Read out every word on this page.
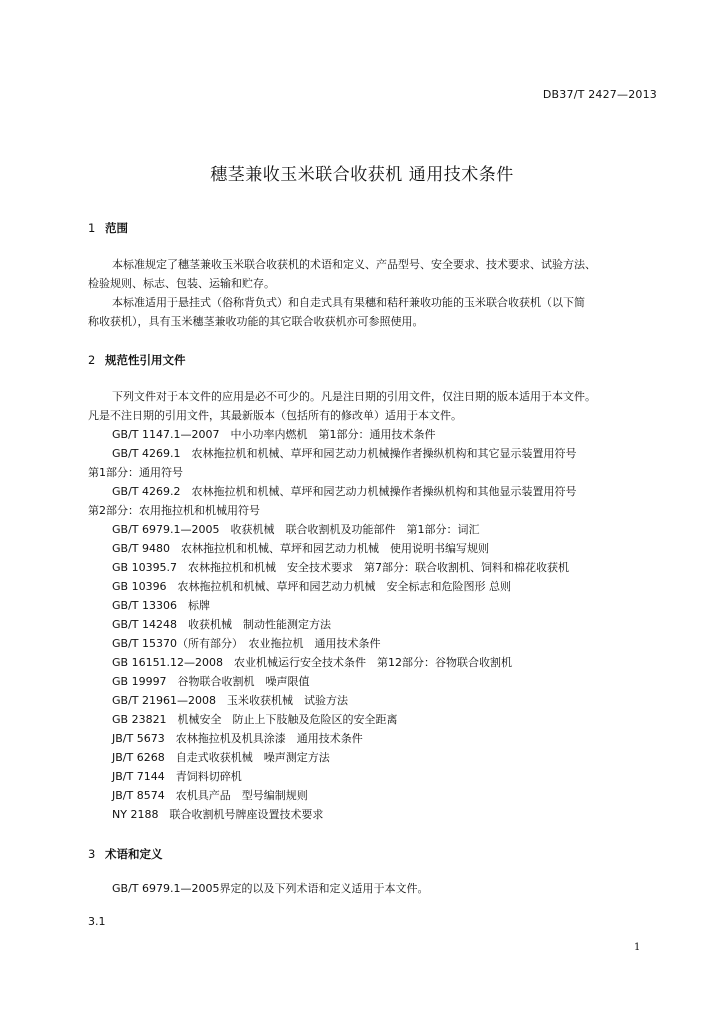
DB37/T 2427—2013
穗茎兼收玉米联合收获机 通用技术条件
1 范围
本标准规定了穗茎兼收玉米联合收获机的术语和定义、产品型号、安全要求、技术要求、试验方法、
检验规则、标志、包装、运输和贮存。
本标准适用于悬挂式（俗称背负式）和自走式具有果穗和秸秆兼收功能的玉米联合收获机（以下简
称收获机），具有玉米穗茎兼收功能的其它联合收获机亦可参照使用。
2 规范性引用文件
下列文件对于本文件的应用是必不可少的。凡是注日期的引用文件，仅注日期的版本适用于本文件。
凡是不注日期的引用文件，其最新版本（包括所有的修改单）适用于本文件。
GB/T 1147.1—2007　中小功率内燃机　第1部分：通用技术条件
GB/T 4269.1　农林拖拉机和机械、草坪和园艺动力机械操作者操纵机构和其它显示装置用符号
第1部分：通用符号
GB/T 4269.2　农林拖拉机和机械、草坪和园艺动力机械操作者操纵机构和其他显示装置用符号
第2部分：农用拖拉机和机械用符号
GB/T 6979.1—2005　收获机械　联合收割机及功能部件　第1部分：词汇
GB/T 9480　农林拖拉机和机械、草坪和园艺动力机械　使用说明书编写规则
GB 10395.7　农林拖拉机和机械　安全技术要求　第7部分：联合收割机、饲料和棉花收获机
GB 10396　农林拖拉机和机械、草坪和园艺动力机械　安全标志和危险图形 总则
GB/T 13306　标牌
GB/T 14248　收获机械　制动性能测定方法
GB/T 15370（所有部分）　农业拖拉机　通用技术条件
GB 16151.12—2008　农业机械运行安全技术条件　第12部分：谷物联合收割机
GB 19997　谷物联合收割机　噪声限值
GB/T 21961—2008　玉米收获机械　试验方法
GB 23821　机械安全　防止上下肢触及危险区的安全距离
JB/T 5673　农林拖拉机及机具涂漆　通用技术条件
JB/T 6268　自走式收获机械　噪声测定方法
JB/T 7144　青饲料切碎机
JB/T 8574　农机具产品　型号编制规则
NY 2188　联合收割机号牌座设置技术要求
3 术语和定义
GB/T 6979.1—2005界定的以及下列术语和定义适用于本文件。
3.1
1
